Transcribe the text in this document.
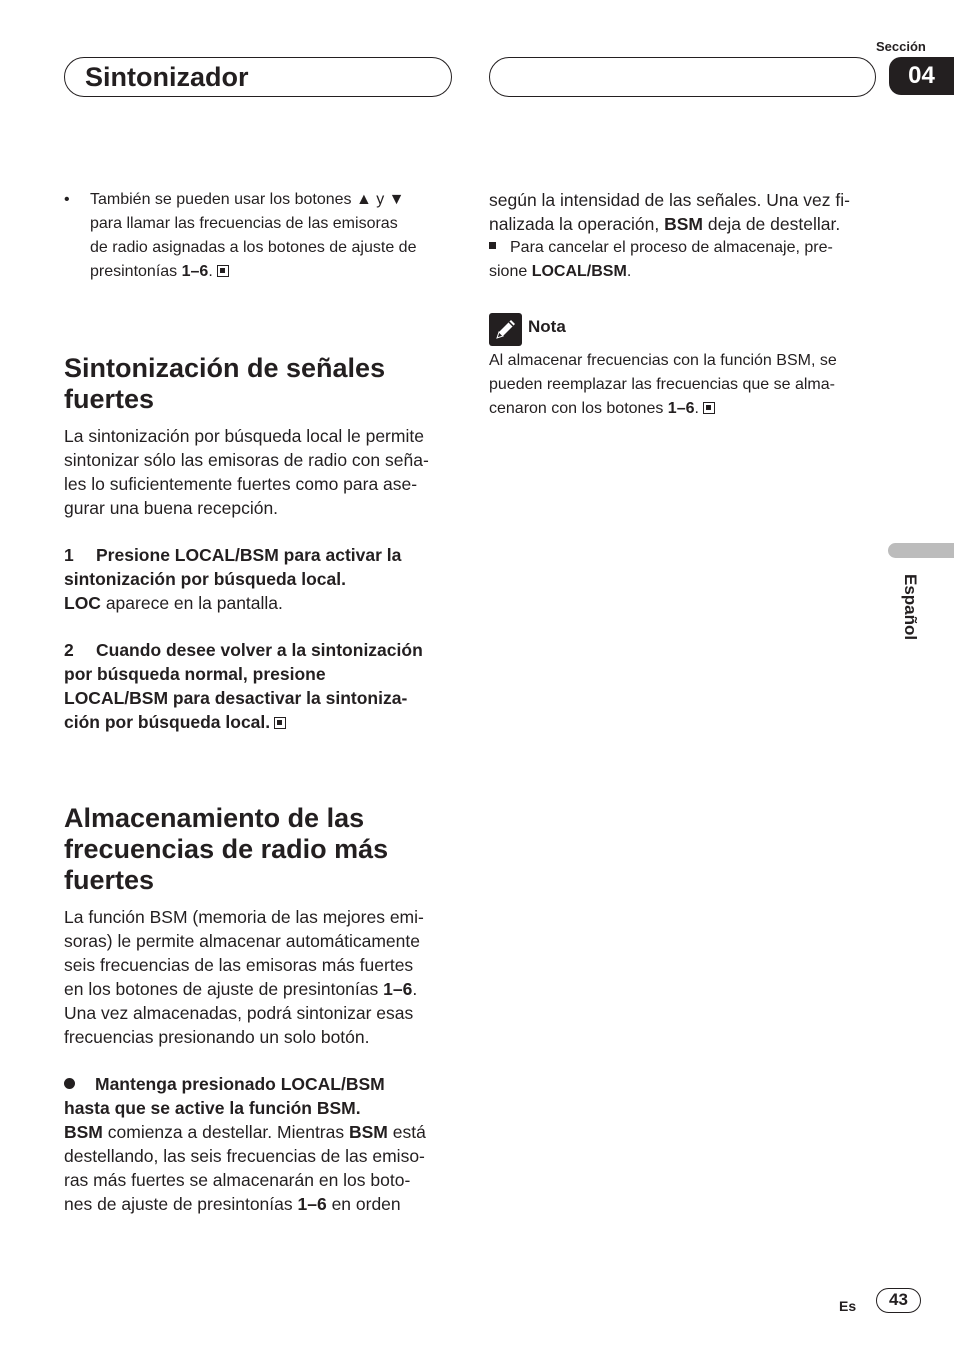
Sintonizador
Sección
04

• También se pueden usar los botones ▲ y ▼

para llamar las frecuencias de las emisoras

de radio asignadas a los botones de ajuste de

presintonías 1–6.

Sintonización de señales
fuertes

La sintonización por búsqueda local le permite

sintonizar sólo las emisoras de radio con seña-

les lo suficientemente fuertes como para ase-

gurar una buena recepción.

1 Presione LOCAL/BSM para activar la

sintonización por búsqueda local.

LOC aparece en la pantalla.

2 Cuando desee volver a la sintonización

por búsqueda normal, presione

LOCAL/BSM para desactivar la sintoniza-

ción por búsqueda local.

Almacenamiento de las
frecuencias de radio más
fuertes

La función BSM (memoria de las mejores emi-

soras) le permite almacenar automáticamente

seis frecuencias de las emisoras más fuertes

en los botones de ajuste de presintonías 1–6.

Una vez almacenadas, podrá sintonizar esas

frecuencias presionando un solo botón.

Mantenga presionado LOCAL/BSM

hasta que se active la función BSM.

BSM comienza a destellar. Mientras BSM está

destellando, las seis frecuencias de las emiso-

ras más fuertes se almacenarán en los boto-

nes de ajuste de presintonías 1–6 en orden

según la intensidad de las señales. Una vez fi-

nalizada la operación, BSM deja de destellar.

Para cancelar el proceso de almacenaje, pre-

sione LOCAL/BSM.

Nota

Al almacenar frecuencias con la función BSM, se

pueden reemplazar las frecuencias que se alma-

cenaron con los botones 1–6.

Español
Es	43
